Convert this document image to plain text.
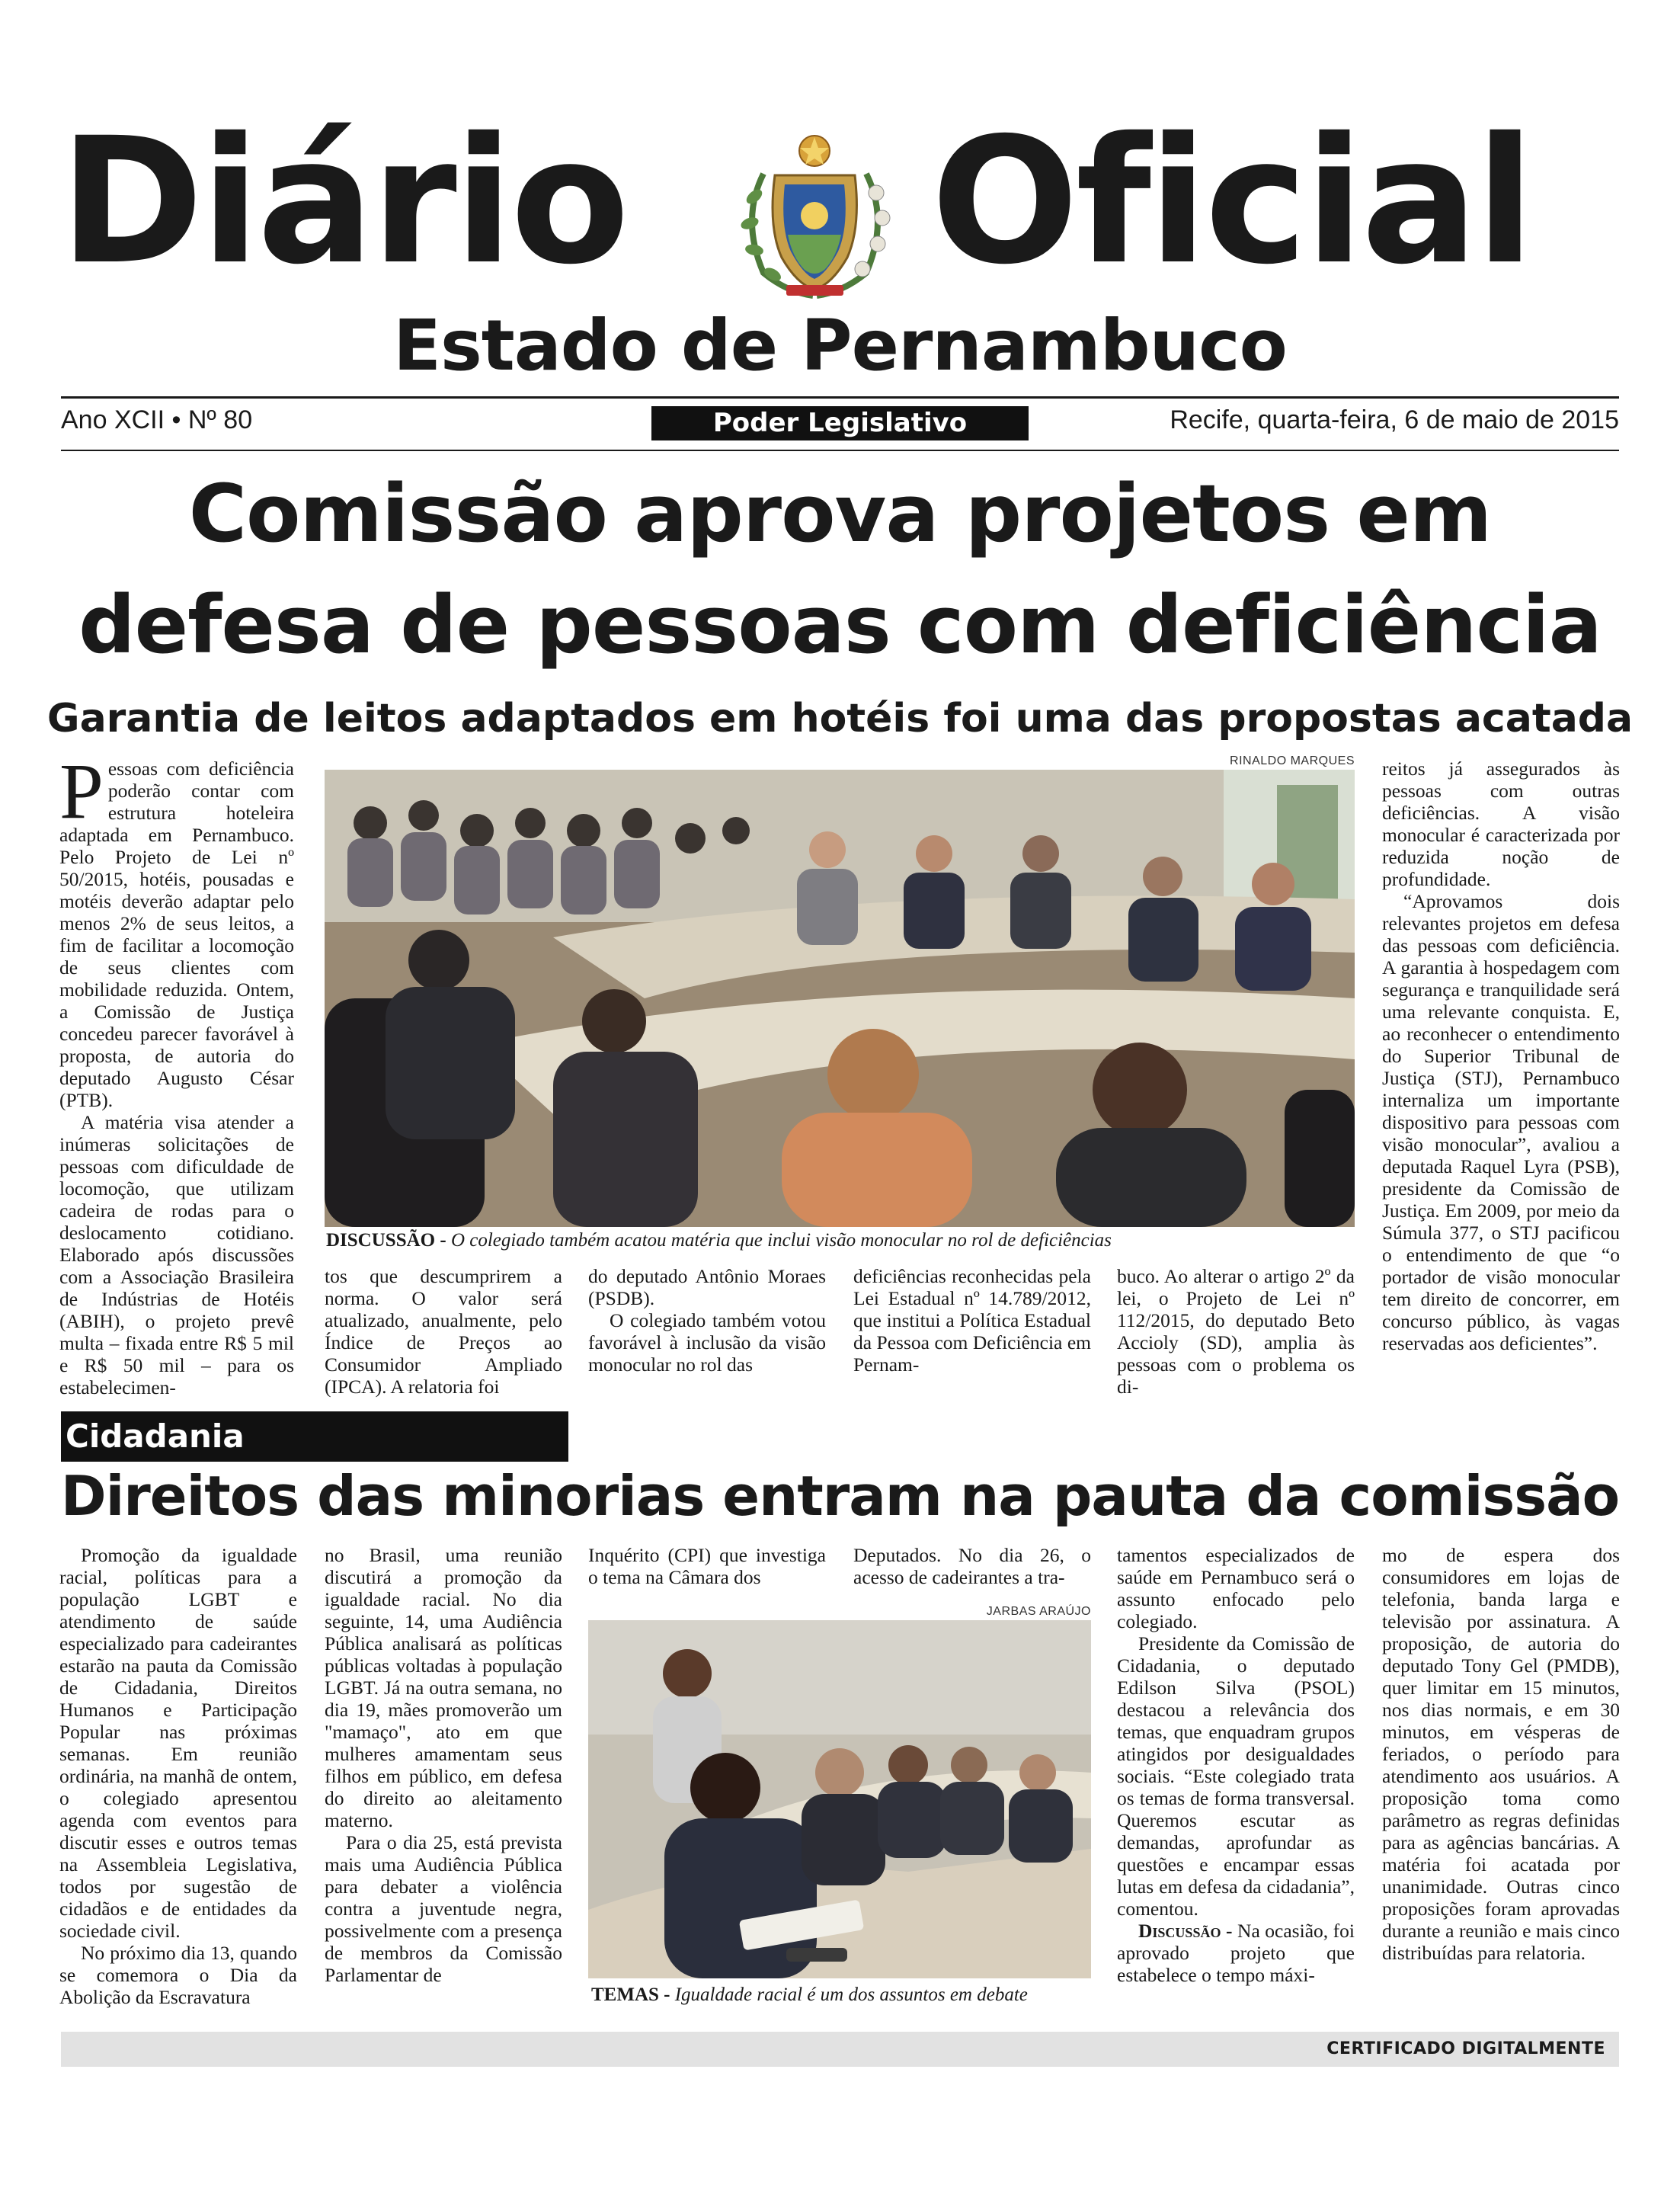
Diário Oficial
Estado de Pernambuco
Ano XCII • Nº 80	Poder Legislativo	Recife, quarta-feira, 6 de maio de 2015
Comissão aprova projetos em
defesa de pessoas com deficiência
Garantia de leitos adaptados em hotéis foi uma das propostas acatada

Pessoas com deficiência poderão contar com estrutura hoteleira adaptada em Pernambuco. Pelo Projeto de Lei nº 50/2015, hotéis, pousadas e motéis deverão adaptar pelo menos 2% de seus leitos, a fim de facilitar a locomoção de seus clientes com mobilidade reduzida. Ontem, a Comissão de Justiça concedeu parecer favorável à proposta, de autoria do deputado Augusto César (PTB).

A matéria visa atender a inúmeras solicitações de pessoas com dificuldade de locomoção, que utilizam cadeira de rodas para o deslocamento cotidiano. Elaborado após discussões com a Associação Brasileira de Indústrias de Hotéis (ABIH), o projeto prevê multa – fixada entre R$ 5 mil e R$ 50 mil – para os estabelecimen-

RINALDO MARQUES
DISCUSSÃO - O colegiado também acatou matéria que inclui visão monocular no rol de deficiências

tos que descumprirem a norma. O valor será atualizado, anualmente, pelo Índice de Preços ao Consumidor Ampliado (IPCA). A relatoria foi

do deputado Antônio Moraes (PSDB).

O colegiado também votou favorável à inclusão da visão monocular no rol das

deficiências reconhecidas pela Lei Estadual nº 14.789/2012, que institui a Política Estadual da Pessoa com Deficiência em Pernam-

buco. Ao alterar o artigo 2º da lei, o Projeto de Lei nº 112/2015, do deputado Beto Accioly (SD), amplia às pessoas com o problema os di-

reitos já assegurados às pessoas com outras deficiências. A visão monocular é caracterizada por reduzida noção de profundidade.

“Aprovamos dois relevantes projetos em defesa das pessoas com deficiência. A garantia à hospedagem com segurança e tranquilidade será uma relevante conquista. E, ao reconhecer o entendimento do Superior Tribunal de Justiça (STJ), Pernambuco internaliza um importante dispositivo para pessoas com visão monocular”, avaliou a deputada Raquel Lyra (PSB), presidente da Comissão de Justiça. Em 2009, por meio da Súmula 377, o STJ pacificou o entendimento de que “o portador de visão monocular tem direito de concorrer, em concurso público, às vagas reservadas aos deficientes”.

Cidadania
Direitos das minorias entram na pauta da comissão

Promoção da igualdade racial, políticas para a população LGBT e atendimento de saúde especializado para cadeirantes estarão na pauta da Comissão de Cidadania, Direitos Humanos e Participação Popular nas próximas semanas. Em reunião ordinária, na manhã de ontem, o colegiado apresentou agenda com eventos para discutir esses e outros temas na Assembleia Legislativa, todos por sugestão de cidadãos e de entidades da sociedade civil.

No próximo dia 13, quando se comemora o Dia da Abolição da Escravatura

no Brasil, uma reunião discutirá a promoção da igualdade racial. No dia seguinte, 14, uma Audiência Pública analisará as políticas públicas voltadas à população LGBT. Já na outra semana, no dia 19, mães promoverão um "mamaço", ato em que mulheres amamentam seus filhos em público, em defesa do direito ao aleitamento materno.

Para o dia 25, está prevista mais uma Audiência Pública para debater a violência contra a juventude negra, possivelmente com a presença de membros da Comissão Parlamentar de

Inquérito (CPI) que investiga o tema na Câmara dos

Deputados. No dia 26, o acesso de cadeirantes a tra-

JARBAS ARAÚJO
TEMAS - Igualdade racial é um dos assuntos em debate

tamentos especializados de saúde em Pernambuco será o assunto enfocado pelo colegiado.

Presidente da Comissão de Cidadania, o deputado Edilson Silva (PSOL) destacou a relevância dos temas, que enquadram grupos atingidos por desigualdades sociais. “Este colegiado trata os temas de forma transversal. Queremos escutar as demandas, aprofundar as questões e encampar essas lutas em defesa da cidadania”, comentou.

Discussão - Na ocasião, foi aprovado projeto que estabelece o tempo máxi-

mo de espera dos consumidores em lojas de telefonia, banda larga e televisão por assinatura. A proposição, de autoria do deputado Tony Gel (PMDB), quer limitar em 15 minutos, nos dias normais, e em 30 minutos, em vésperas de feriados, o período para atendimento aos usuários. A proposição toma como parâmetro as regras definidas para as agências bancárias. A matéria foi acatada por unanimidade. Outras cinco proposições foram aprovadas durante a reunião e mais cinco distribuídas para relatoria.

CERTIFICADO DIGITALMENTE
